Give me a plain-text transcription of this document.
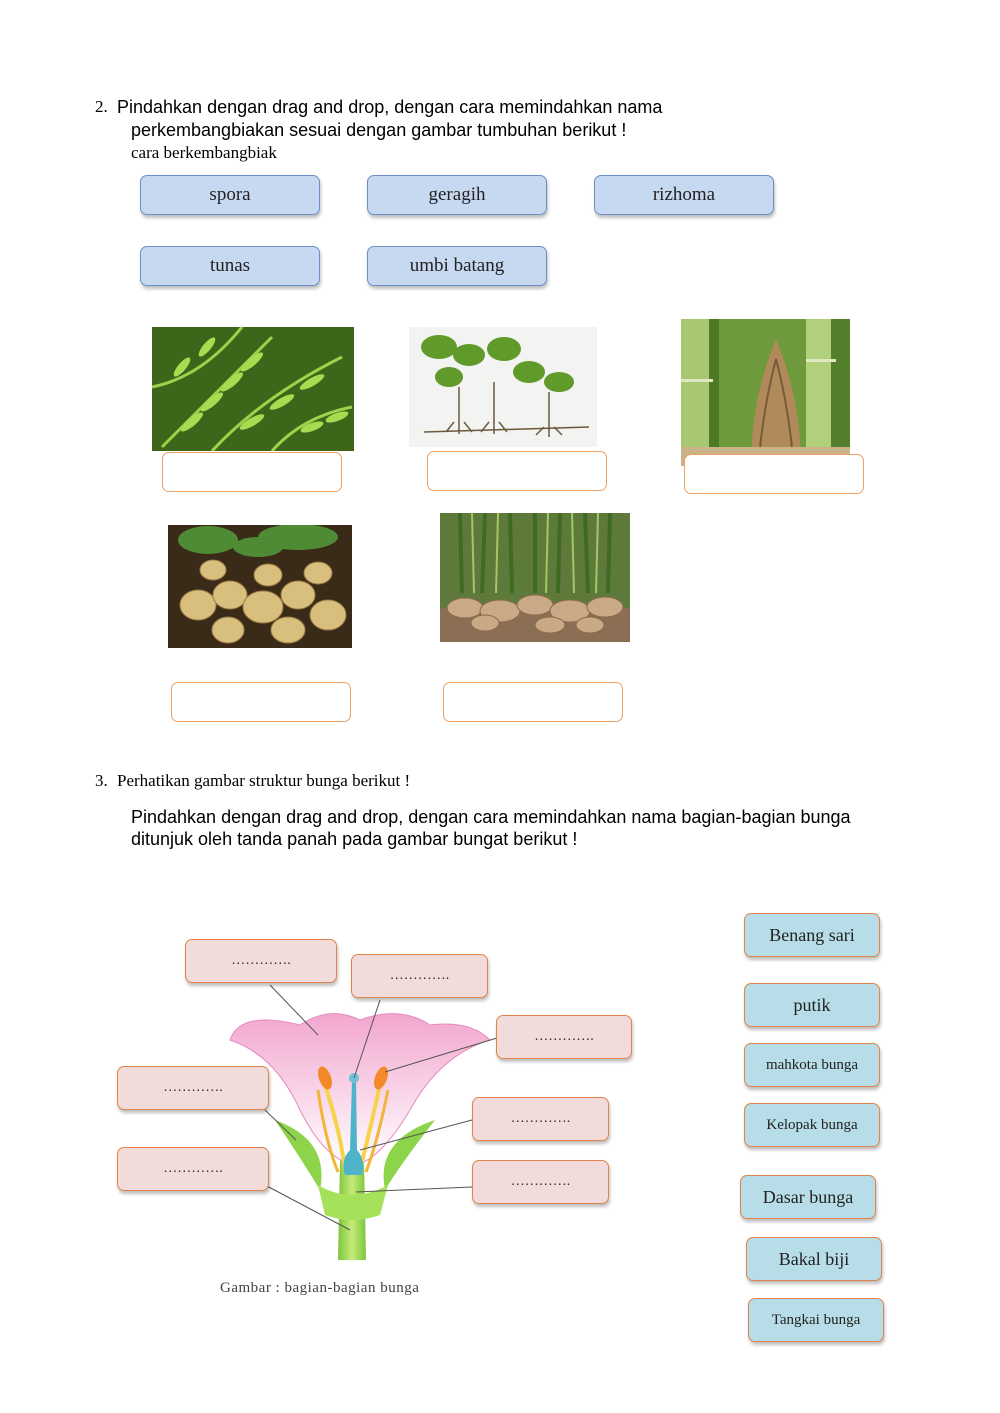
2. Pindahkan dengan drag and drop, dengan cara memindahkan nama
perkembangbiakan sesuai dengan gambar tumbuhan berikut !
cara berkembangbiak
spora	geragih	rizhoma
tunas	umbi batang
3. Perhatikan gambar struktur bunga berikut !
Pindahkan dengan drag and drop, dengan cara memindahkan nama bagian-bagian bunga
ditunjuk oleh tanda panah pada gambar bungat berikut !
………….
………….
………….
………….
………….
………….
………….
Gambar : bagian-bagian bunga
Benang sari
putik
mahkota bunga
Kelopak bunga
Dasar bunga
Bakal biji
Tangkai bunga
